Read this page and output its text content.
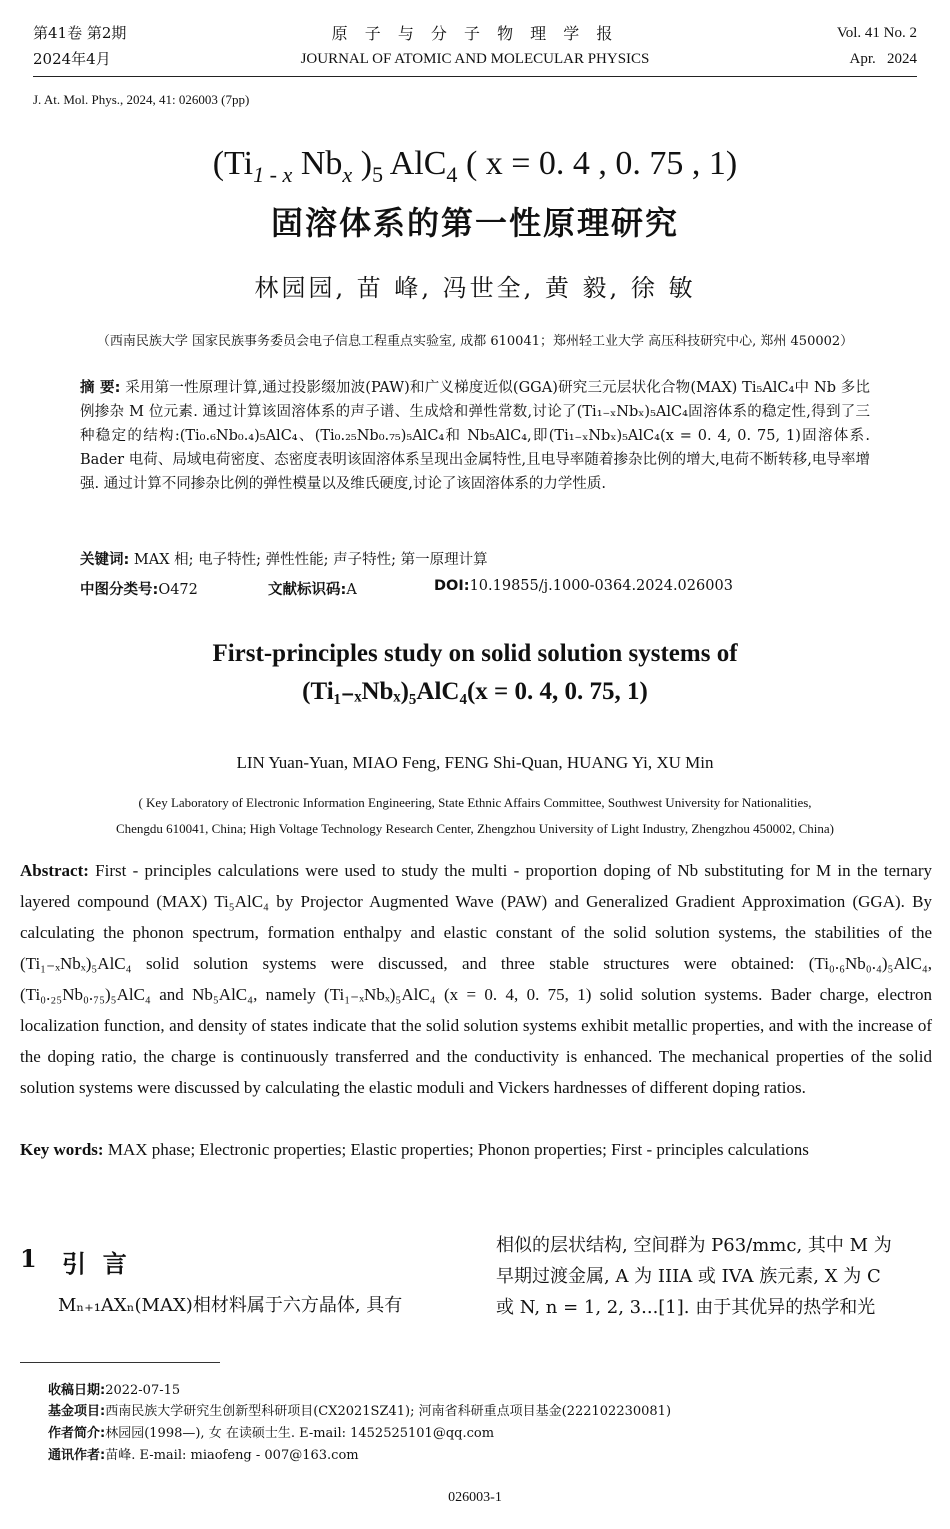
第41卷 第2期
2024年4月
原 子 与 分 子 物 理 学 报
JOURNAL OF ATOMIC AND MOLECULAR PHYSICS
Vol. 41 No. 2
Apr.   2024
J. At. Mol. Phys., 2024, 41: 026003 (7pp)
($Ti_{1 - x}$ $Nb_x$ )$_5$ AlC$_4$ ( x = 0. 4 , 0. 75 , 1)
固溶体系的第一性原理研究
林园园, 苗 峰, 冯世全, 黄 毅, 徐 敏
（西南民族大学 国家民族事务委员会电子信息工程重点实验室, 成都 610041；郑州轻工业大学 高压科技研究中心, 郑州 450002）
摘 要: 采用第一性原理计算,通过投影缀加波(PAW)和广义梯度近似(GGA)研究三元层状化合物(MAX) Ti₅AlC₄中 Nb 多比例掺杂 M 位元素. 通过计算该固溶体系的声子谱、生成焓和弹性常数,讨论了(Ti₁₋ₓNbₓ)₅AlC₄固溶体系的稳定性,得到了三种稳定的结构:(Ti₀.₆Nb₀.₄)₅AlC₄、(Ti₀.₂₅Nb₀.₇₅)₅AlC₄和 Nb₅AlC₄,即(Ti₁₋ₓNbₓ)₅AlC₄(x = 0. 4, 0. 75, 1)固溶体系. Bader 电荷、局域电荷密度、态密度表明该固溶体系呈现出金属特性,且电导率随着掺杂比例的增大,电荷不断转移,电导率增强. 通过计算不同掺杂比例的弹性模量以及维氏硬度,讨论了该固溶体系的力学性质.
关键词: MAX 相; 电子特性; 弹性性能; 声子特性; 第一原理计算
中图分类号:O472	文献标识码:A	DOI:10.19855/j.1000-0364.2024.026003
First-principles study on solid solution systems of
(Ti₁₋ₓNbₓ)₅AlC₄(x = 0. 4, 0. 75, 1)
LIN Yuan-Yuan, MIAO Feng, FENG Shi-Quan, HUANG Yi, XU Min
( Key Laboratory of Electronic Information Engineering, State Ethnic Affairs Committee, Southwest University for Nationalities,
Chengdu 610041, China; High Voltage Technology Research Center, Zhengzhou University of Light Industry, Zhengzhou 450002, China)
Abstract: First - principles calculations were used to study the multi - proportion doping of Nb substituting for M in the ternary layered compound (MAX) Ti₅AlC₄ by Projector Augmented Wave (PAW) and Generalized Gradient Approximation (GGA). By calculating the phonon spectrum, formation enthalpy and elastic constant of the solid solution systems, the stabilities of the (Ti₁₋ₓNbₓ)₅AlC₄ solid solution systems were discussed, and three stable structures were obtained: (Ti₀.₆Nb₀.₄)₅AlC₄, (Ti₀.₂₅Nb₀.₇₅)₅AlC₄ and Nb₅AlC₄, namely (Ti₁₋ₓNbₓ)₅AlC₄ (x = 0. 4, 0. 75, 1) solid solution systems. Bader charge, electron localization function, and density of states indicate that the solid solution systems exhibit metallic properties, and with the increase of the doping ratio, the charge is continuously transferred and the conductivity is enhanced. The mechanical properties of the solid solution systems were discussed by calculating the elastic moduli and Vickers hardnesses of different doping ratios.
Key words: MAX phase; Electronic properties; Elastic properties; Phonon properties; First - principles calculations
1 引  言
Mₙ₊₁AXₙ(MAX)相材料属于六方晶体, 具有
相似的层状结构, 空间群为 P63/mmc, 其中 M 为
早期过渡金属, A 为 IIIA 或 IVA 族元素, X 为 C
或 N, n = 1, 2, 3...[1]. 由于其优异的热学和光
收稿日期:2022-07-15
基金项目:西南民族大学研究生创新型科研项目(CX2021SZ41); 河南省科研重点项目基金(222102230081)
作者简介:林园园(1998—), 女 在读硕士生. E-mail: 1452525101@qq.com
通讯作者:苗峰. E-mail: miaofeng - 007@163.com
026003-1
